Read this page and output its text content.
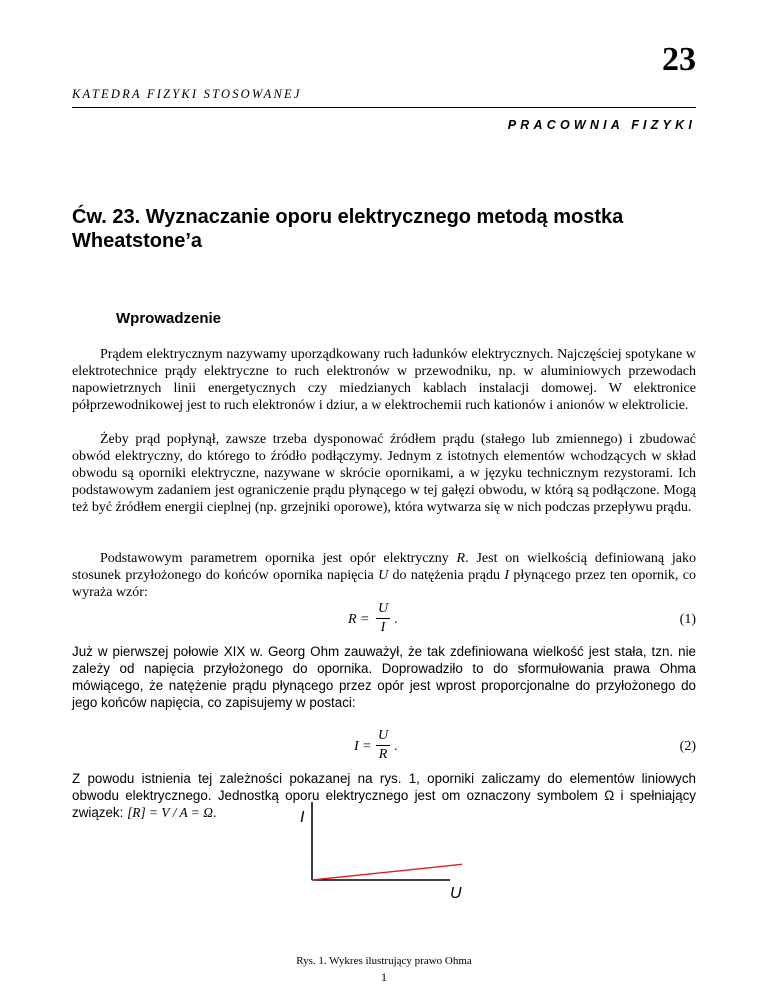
23
KATEDRA FIZYKI STOSOWANEJ
PRACOWNIA FIZYKI
Ćw. 23. Wyznaczanie oporu elektrycznego metodą mostka Wheatstone’a
Wprowadzenie

Prądem elektrycznym nazywamy uporządkowany ruch ładunków elektrycznych. Najczęściej spotykane w elektrotechnice prądy elektryczne to ruch elektronów w przewodniku, np. w aluminiowych przewodach napowietrznych linii energetycznych czy miedzianych kablach instalacji domowej. W elektronice półprzewodnikowej jest to ruch elektronów i dziur, a w elektrochemii ruch kationów i anionów w elektrolicie.

Żeby prąd popłynął, zawsze trzeba dysponować źródłem prądu (stałego lub zmiennego) i zbudować obwód elektryczny, do którego to źródło podłączymy. Jednym z istotnych elementów wchodzących w skład obwodu są oporniki elektryczne, nazywane w skrócie opornikami, a w języku technicznym rezystorami. Ich podstawowym zadaniem jest ograniczenie prądu płynącego w tej gałęzi obwodu, w którą są podłączone. Mogą też być źródłem energii cieplnej (np. grzejniki oporowe), która wytwarza się w nich podczas przepływu prądu.

Podstawowym parametrem opornika jest opór elektryczny R. Jest on wielkością definiowaną jako stosunek przyłożonego do końców opornika napięcia U do natężenia prądu I płynącego przez ten opornik, co wyraża wzór:

R =
U
I
.	(1)

Już w pierwszej połowie XIX w. Georg Ohm zauważył, że tak zdefiniowana wielkość jest stała, tzn. nie zależy od napięcia przyłożonego do opornika. Doprowadziło to do sformułowania prawa Ohma mówiącego, że natężenie prądu płynącego przez opór jest wprost proporcjonalne do przyłożonego do jego końców napięcia, co zapisujemy w postaci:

I =
U
R
.	(2)

Z powodu istnienia tej zależności pokazanej na rys. 1, oporniki zaliczamy do elementów liniowych obwodu elektrycznego. Jednostką oporu elektrycznego jest om oznaczony symbolem Ω i spełniający związek: [R] = V / A = Ω.	I
U
Rys. 1. Wykres ilustrujący prawo Ohma
1
